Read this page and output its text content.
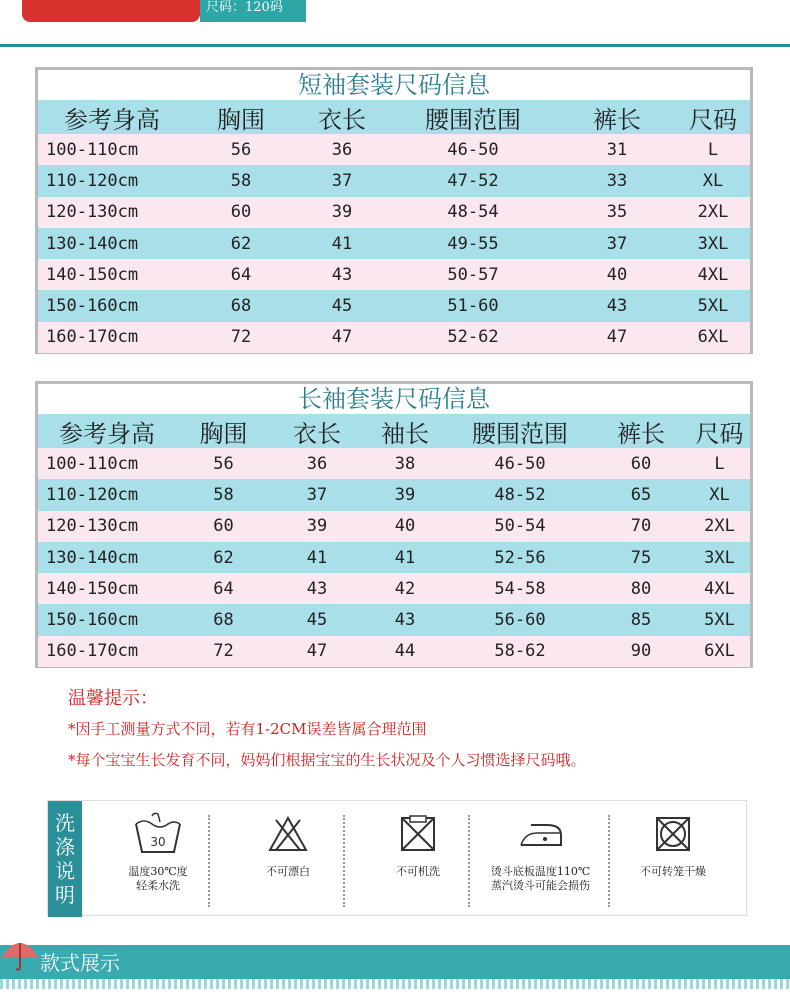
尺码：120码
短袖套装尺码信息
参考身高	胸围	衣长	腰围范围	裤长	尺码
100-110cm	56	36	46-50	31	L
110-120cm	58	37	47-52	33	XL
120-130cm	60	39	48-54	35	2XL
130-140cm	62	41	49-55	37	3XL
140-150cm	64	43	50-57	40	4XL
150-160cm	68	45	51-60	43	5XL
160-170cm	72	47	52-62	47	6XL
长袖套装尺码信息
参考身高	胸围	衣长	袖长	腰围范围	裤长	尺码
100-110cm	56	36	38	46-50	60	L
110-120cm	58	37	39	48-52	65	XL
120-130cm	60	39	40	50-54	70	2XL
130-140cm	62	41	41	52-56	75	3XL
140-150cm	64	43	42	54-58	80	4XL
150-160cm	68	45	43	56-60	85	5XL
160-170cm	72	47	44	58-62	90	6XL
温馨提示：
*因手工测量方式不同，若有1-2CM误差皆属合理范围
*每个宝宝生长发育不同，妈妈们根据宝宝的生长状况及个人习惯选择尺码哦。
洗
涤
说
明
30
温度30℃度
轻柔水洗
不可漂白	不可机洗	烫斗底板温度110℃
蒸汽烫斗可能会损伤
不可转笼干燥
款式展示
